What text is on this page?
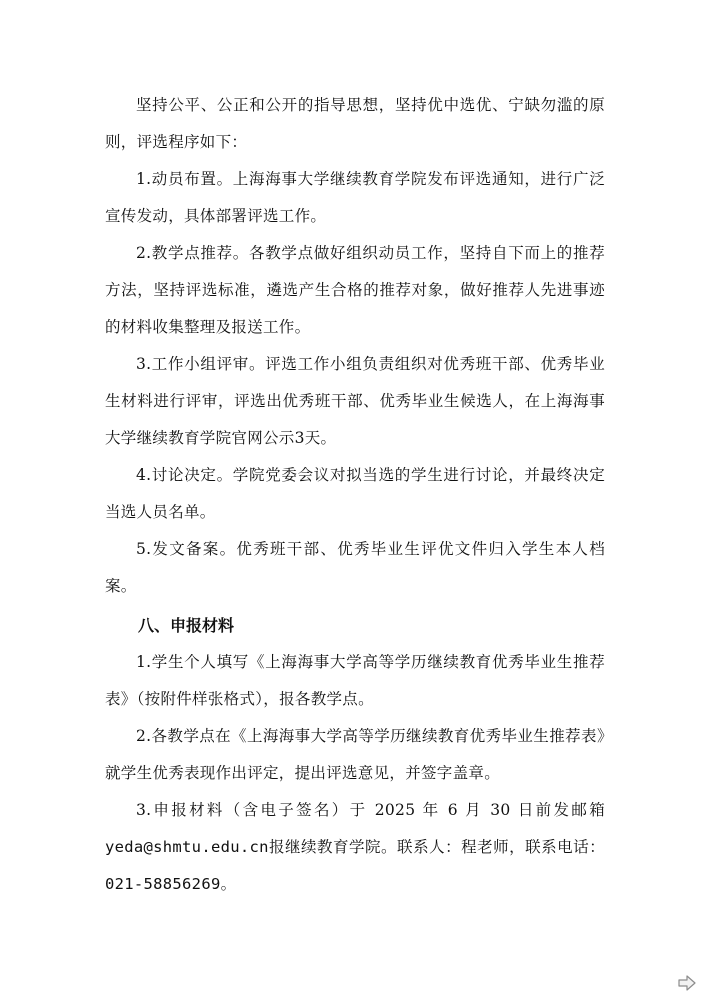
坚持公平、公正和公开的指导思想，坚持优中选优、宁缺勿滥的原则，评选程序如下：

1.动员布置。上海海事大学继续教育学院发布评选通知，进行广泛宣传发动，具体部署评选工作。

2.教学点推荐。各教学点做好组织动员工作，坚持自下而上的推荐方法，坚持评选标准，遴选产生合格的推荐对象，做好推荐人先进事迹的材料收集整理及报送工作。

3.工作小组评审。评选工作小组负责组织对优秀班干部、优秀毕业生材料进行评审，评选出优秀班干部、优秀毕业生候选人，在上海海事大学继续教育学院官网公示3天。

4.讨论决定。学院党委会议对拟当选的学生进行讨论，并最终决定当选人员名单。

5.发文备案。优秀班干部、优秀毕业生评优文件归入学生本人档案。

八、申报材料

1.学生个人填写《上海海事大学高等学历继续教育优秀毕业生推荐表》（按附件样张格式），报各教学点。

2.各教学点在《上海海事大学高等学历继续教育优秀毕业生推荐表》就学生优秀表现作出评定，提出评选意见，并签字盖章。

3.申报材料（含电子签名）于 2025 年 6 月 30 日前发邮箱 yeda@shmtu.edu.cn报继续教育学院。联系人：程老师，联系电话：021-58856269。
